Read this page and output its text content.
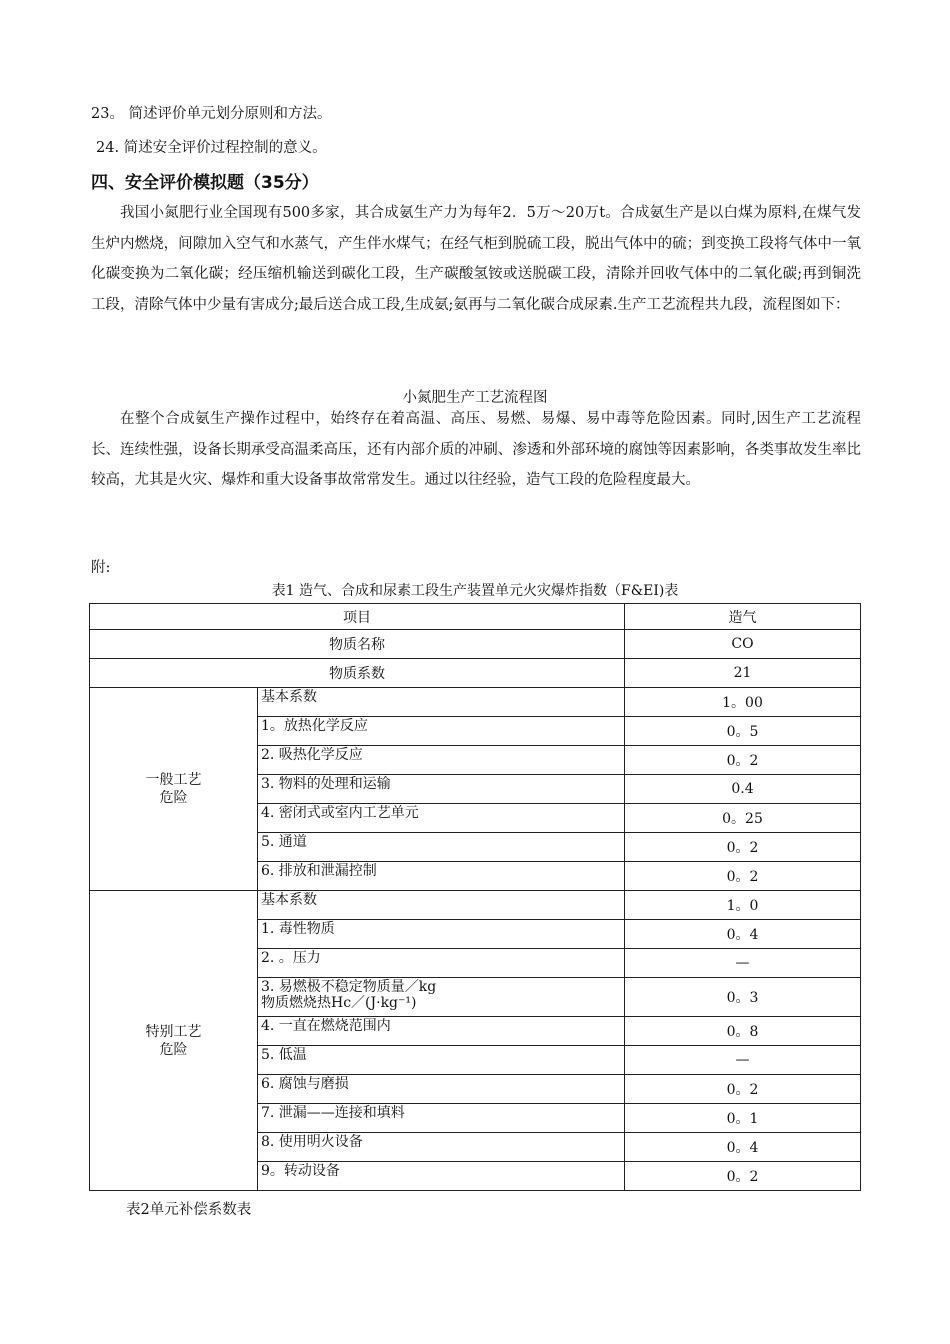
23。 简述评价单元划分原则和方法。
24. 简述安全评价过程控制的意义。
四、安全评价模拟题（35分）

我国小氮肥行业全国现有500多家，其合成氨生产力为每年2．5万～20万t。合成氨生产是以白煤为原料,在煤气发生炉内燃烧，间隙加入空气和水蒸气，产生伴水煤气；在经气柜到脱硫工段，脱出气体中的硫；到变换工段将气体中一氧化碳变换为二氧化碳；经压缩机输送到碳化工段，生产碳酸氢铵或送脱碳工段，清除并回收气体中的二氧化碳;再到铜洗工段，清除气体中少量有害成分;最后送合成工段,生成氨;氨再与二氧化碳合成尿素.生产工艺流程共九段，流程图如下：

小氮肥生产工艺流程图

在整个合成氨生产操作过程中，始终存在着高温、高压、易燃、易爆、易中毒等危险因素。同时,因生产工艺流程长、连续性强，设备长期承受高温柔高压，还有内部介质的冲刷、渗透和外部环境的腐蚀等因素影响，各类事故发生率比较高，尤其是火灾、爆炸和重大设备事故常常发生。通过以往经验，造气工段的危险程度最大。

附:
表1 造气、合成和尿素工段生产装置单元火灾爆炸指数（F&EI)表
项目		造气
物质名称		CO
物质系数		21

一般工艺
危险	基本系数	1。00
	1。放热化学反应	0。5
	2. 吸热化学反应	0。2
	3. 物料的处理和运输	0.4
	4. 密闭式或室内工艺单元	0。25
	5. 通道	0。2
	6. 排放和泄漏控制	0。2

特别工艺
危险	基本系数	1。0
	1. 毒性物质	0。4
	2. 。压力	—

	3. 易燃极不稳定物质量／kg
物质燃烧热Hc／(J·kg⁻¹)	0。3
	4. 一直在燃烧范围内	0。8
	5. 低温	—
	6. 腐蚀与磨损	0。2
	7. 泄漏——连接和填料	0。1
	8. 使用明火设备	0。4
	9。转动设备	0。2
表2单元补偿系数表
